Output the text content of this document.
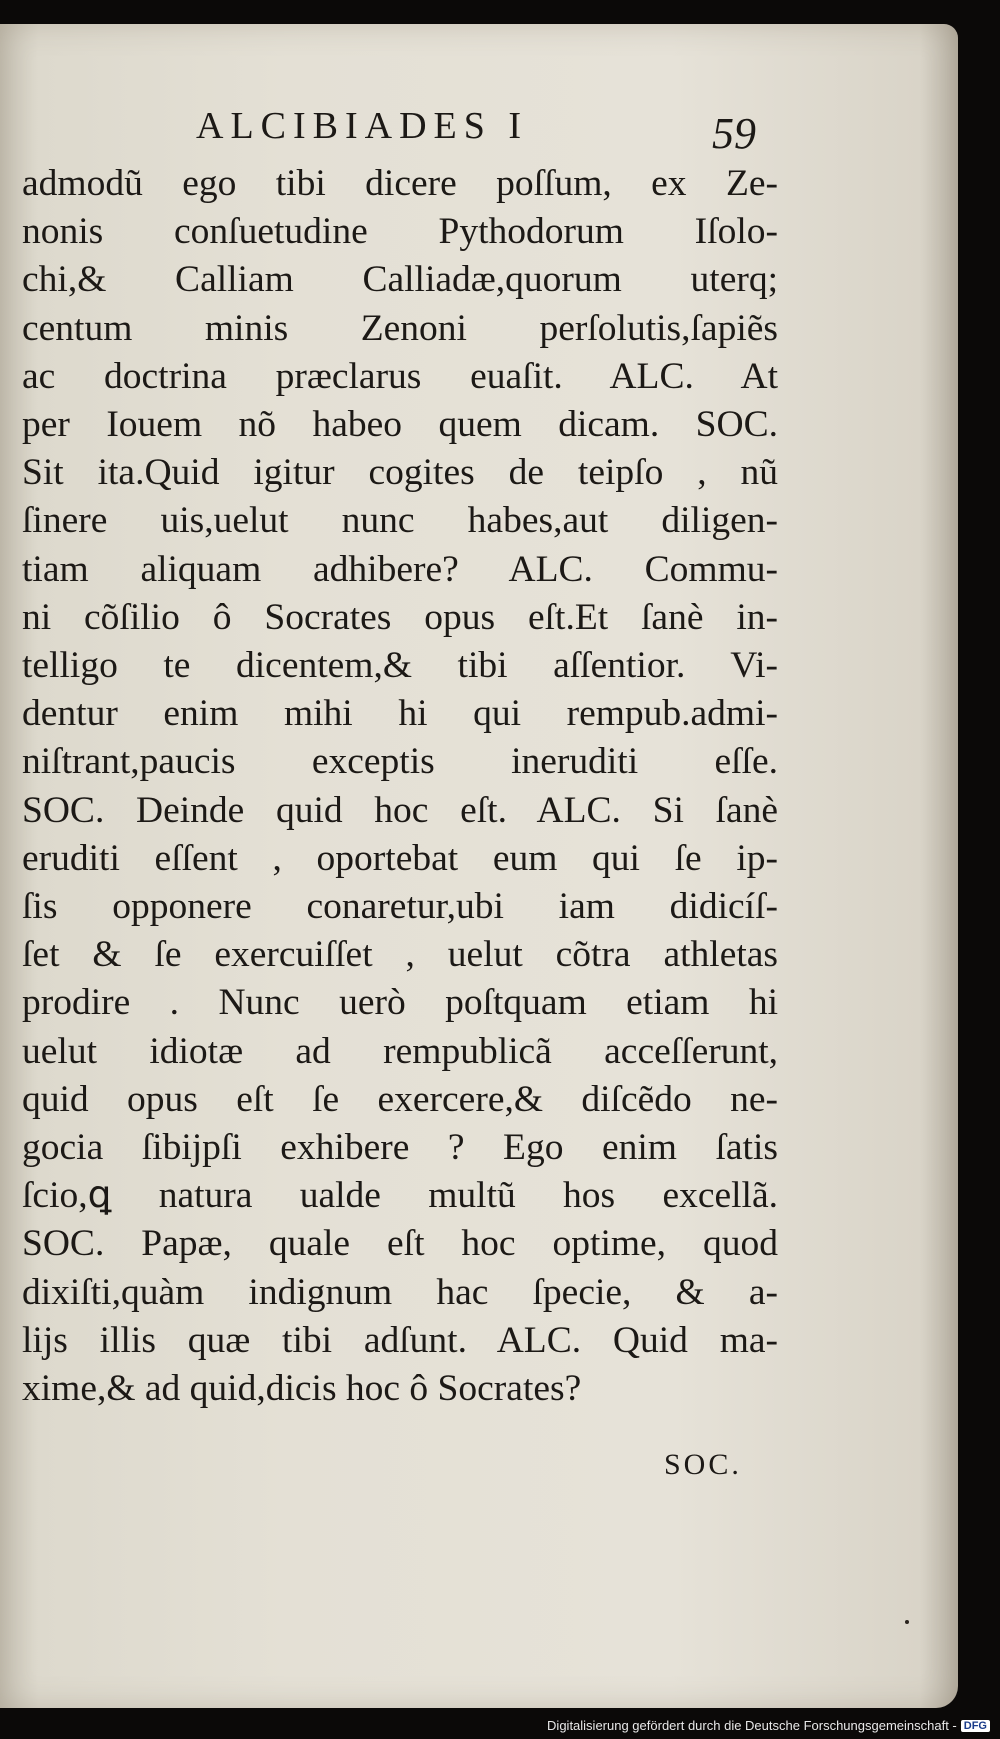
ALCIBIADES I	59
admodũ ego tibi dicere poſſum, ex Ze-
nonis conſuetudine Pythodorum Iſolo-
chi,& Calliam Calliadæ,quorum uterq;
centum minis Zenoni perſolutis,ſapiẽs
ac doctrina præclarus euaſit. ALC. At
per Iouem nõ habeo quem dicam. SOC.
Sit ita.Quid igitur cogites de teipſo , nũ
ſinere uis,uelut nunc habes,aut diligen-
tiam aliquam adhibere? ALC. Commu-
ni cõſilio ô Socrates opus eſt.Et ſanè in-
telligo te dicentem,& tibi aſſentior. Vi-
dentur enim mihi hi qui rempub.admi-
niſtrant,paucis exceptis ineruditi eſſe.
SOC. Deinde quid hoc eſt. ALC. Si ſanè
eruditi eſſent , oportebat eum qui ſe ip-
ſis opponere conaretur,ubi iam didicíſ-
ſet & ſe exercuiſſet , uelut cõtra athletas
prodire . Nunc uerò poſtquam etiam hi
uelut idiotæ ad rempublicã acceſſerunt,
quid opus eſt ſe exercere,& diſcẽdo ne-
gocia ſibijpſi exhibere ? Ego enim ſatis
ſcio,ꝗ natura ualde multũ hos excellã.
SOC. Papæ, quale eſt hoc optime, quod
dixiſti,quàm indignum hac ſpecie, & a-
lijs illis quæ tibi adſunt. ALC. Quid ma-
xime,& ad quid,dicis hoc ô Socrates?
SOC.
Digitalisierung gefördert durch die Deutsche Forschungsgemeinschaft - DFG
